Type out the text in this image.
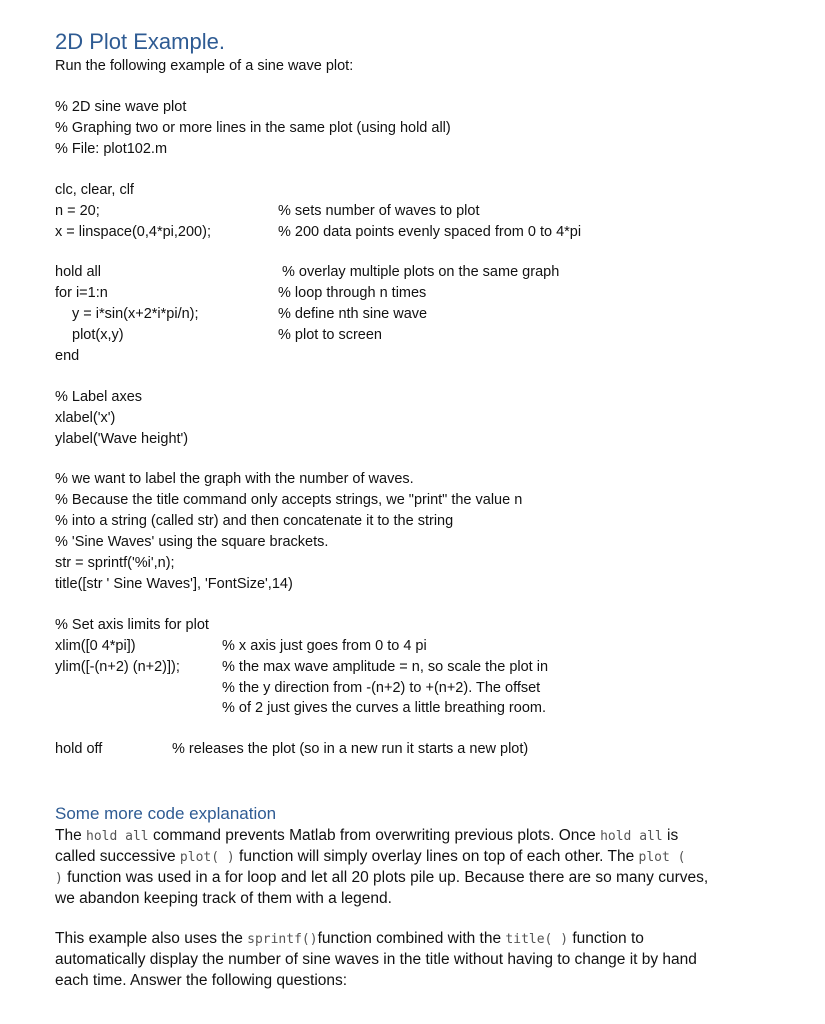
2D Plot Example.
Run the following example of a sine wave plot:
% 2D sine wave plot
% Graphing two or more lines in the same plot (using hold all)
% File: plot102.m
clc, clear, clf
n = 20;
x = linspace(0,4*pi,200);
% sets number of waves to plot
% 200 data points evenly spaced from 0 to 4*pi
hold all
for i=1:n
y = i*sin(x+2*i*pi/n);
plot(x,y)
end
% overlay multiple plots on the same graph
% loop through n times
% define nth sine wave
% plot to screen
% Label axes
xlabel('x')
ylabel('Wave height')
% we want to label the graph with the number of waves.
% Because the title command only accepts strings, we "print" the value n
% into a string (called str) and then concatenate it to the string
% 'Sine Waves' using the square brackets.
str = sprintf('%i',n);
title([str ' Sine Waves'], 'FontSize',14)
% Set axis limits for plot
xlim([0 4*pi])
ylim([-(n+2) (n+2)]);
% x axis just goes from 0 to 4 pi
% the max wave amplitude = n, so scale the plot in
% the y direction from -(n+2) to +(n+2). The offset
% of 2 just gives the curves a little breathing room.
hold off	% releases the plot (so in a new run it starts a new plot)
Some more code explanation
The hold all command prevents Matlab from overwriting previous plots. Once hold all is
called successive plot( ) function will simply overlay lines on top of each other. The plot (
) function was used in a for loop and let all 20 plots pile up. Because there are so many curves,
we abandon keeping track of them with a legend.
This example also uses the sprintf()function combined with the title( ) function to
automatically display the number of sine waves in the title without having to change it by hand
each time. Answer the following questions:
